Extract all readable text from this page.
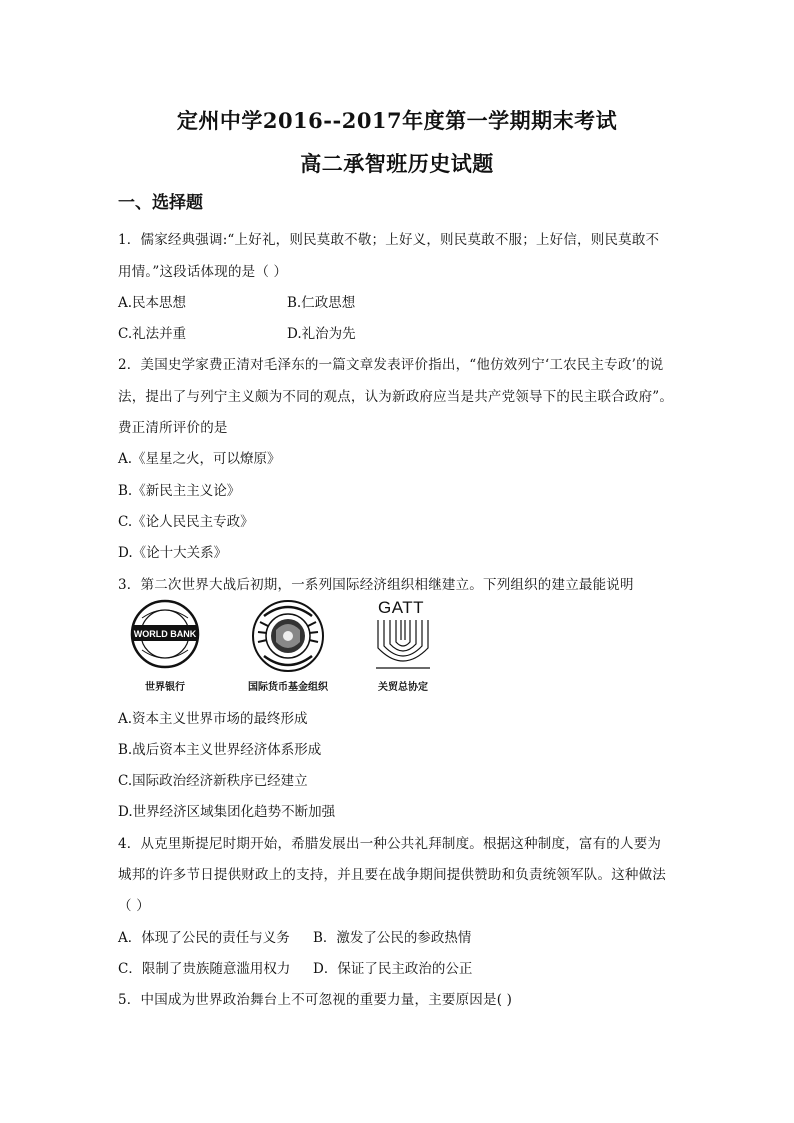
定州中学2016--2017年度第一学期期末考试
高二承智班历史试题
一、选择题
1．儒家经典强调:“上好礼，则民莫敢不敬；上好义，则民莫敢不服；上好信，则民莫敢不
用情。”这段话体现的是（ ）
A.民本思想	B.仁政思想
C.礼法并重	D.礼治为先
2．美国史学家费正清对毛泽东的一篇文章发表评价指出，“他仿效列宁‘工农民主专政’的说
法，提出了与列宁主义颇为不同的观点，认为新政府应当是共产党领导下的民主联合政府”。
费正清所评价的是
A.《星星之火，可以燎原》
B.《新民主主义论》
C.《论人民民主专政》
D.《论十大关系》
3．第二次世界大战后初期，一系列国际经济组织相继建立。下列组织的建立最能说明
WORLD BANK
世界银行	国际货币基金组织
GATT
关贸总协定
A.资本主义世界市场的最终形成
B.战后资本主义世界经济体系形成
C.国际政治经济新秩序已经建立
D.世界经济区域集团化趋势不断加强
4．从克里斯提尼时期开始，希腊发展出一种公共礼拜制度。根据这种制度，富有的人要为
城邦的许多节日提供财政上的支持，并且要在战争期间提供赞助和负责统领军队。这种做法
（ ）
A．体现了公民的责任与义务 B．激发了公民的参政热情
C．限制了贵族随意滥用权力 D．保证了民主政治的公正
5．中国成为世界政治舞台上不可忽视的重要力量，主要原因是( )
